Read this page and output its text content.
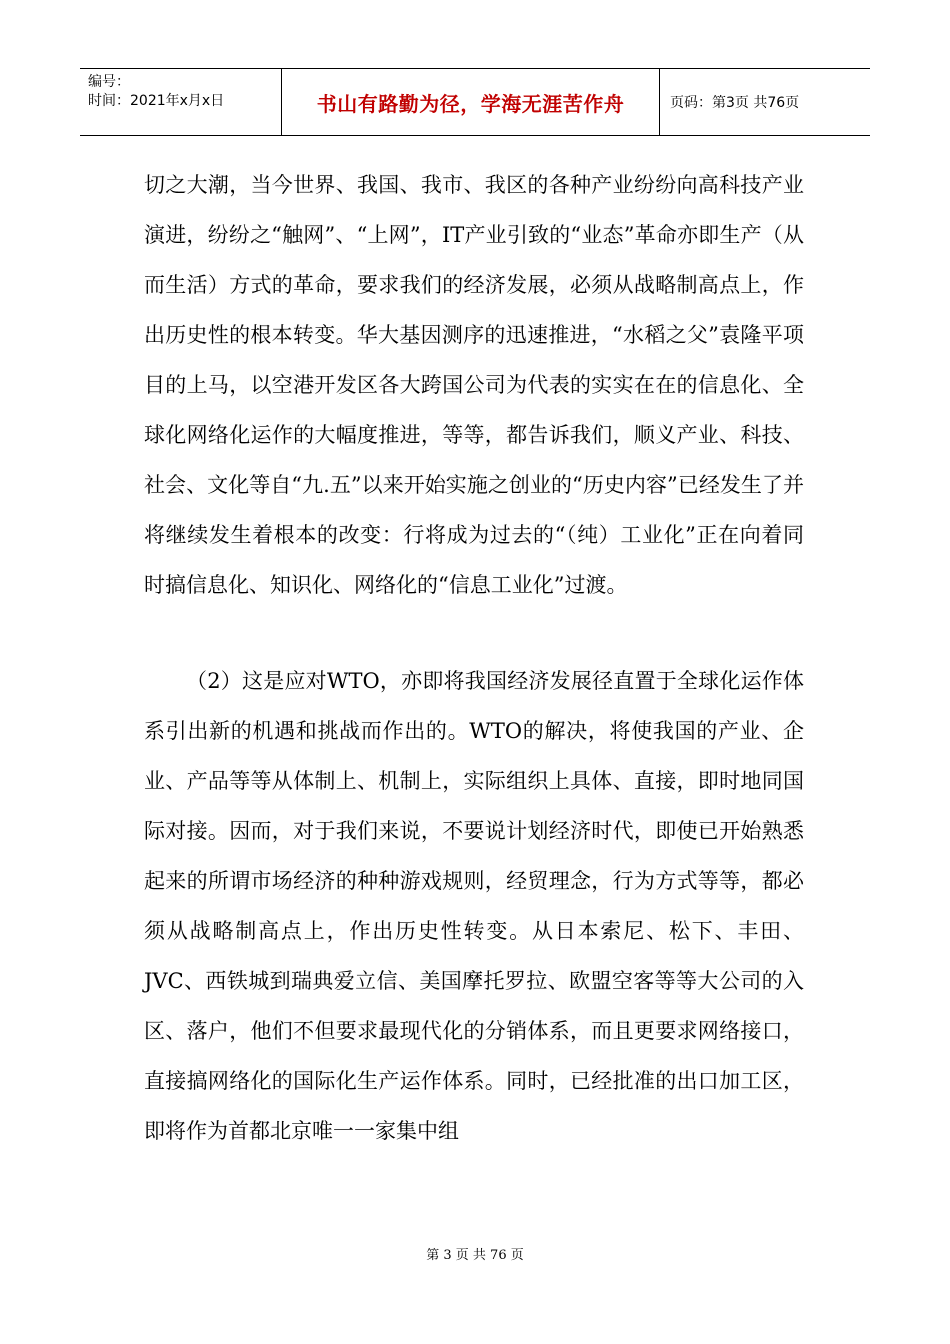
编号：
时间：2021年x月x日	书山有路勤为径，学海无涯苦作舟	页码：第3页 共76页

切之大潮，当今世界、我国、我市、我区的各种产业纷纷向高科技产业演进，纷纷之“触网”、“上网”，IT产业引致的“业态”革命亦即生产（从而生活）方式的革命，要求我们的经济发展，必须从战略制高点上，作出历史性的根本转变。华大基因测序的迅速推进，“水稻之父”袁隆平项目的上马，以空港开发区各大跨国公司为代表的实实在在的信息化、全球化网络化运作的大幅度推进，等等，都告诉我们，顺义产业、科技、社会、文化等自“九.五”以来开始实施之创业的“历史内容”已经发生了并将继续发生着根本的改变：行将成为过去的“（纯）工业化”正在向着同时搞信息化、知识化、网络化的“信息工业化”过渡。

（2）这是应对WTO，亦即将我国经济发展径直置于全球化运作体系引出新的机遇和挑战而作出的。WTO的解决，将使我国的产业、企业、产品等等从体制上、机制上，实际组织上具体、直接，即时地同国际对接。因而，对于我们来说，不要说计划经济时代，即使已开始熟悉起来的所谓市场经济的种种游戏规则，经贸理念，行为方式等等，都必须从战略制高点上，作出历史性转变。从日本索尼、松下、丰田、JVC、西铁城到瑞典爱立信、美国摩托罗拉、欧盟空客等等大公司的入区、落户，他们不但要求最现代化的分销体系，而且更要求网络接口，直接搞网络化的国际化生产运作体系。同时，已经批准的出口加工区，即将作为首都北京唯一一家集中组

第 3 页 共 76 页
